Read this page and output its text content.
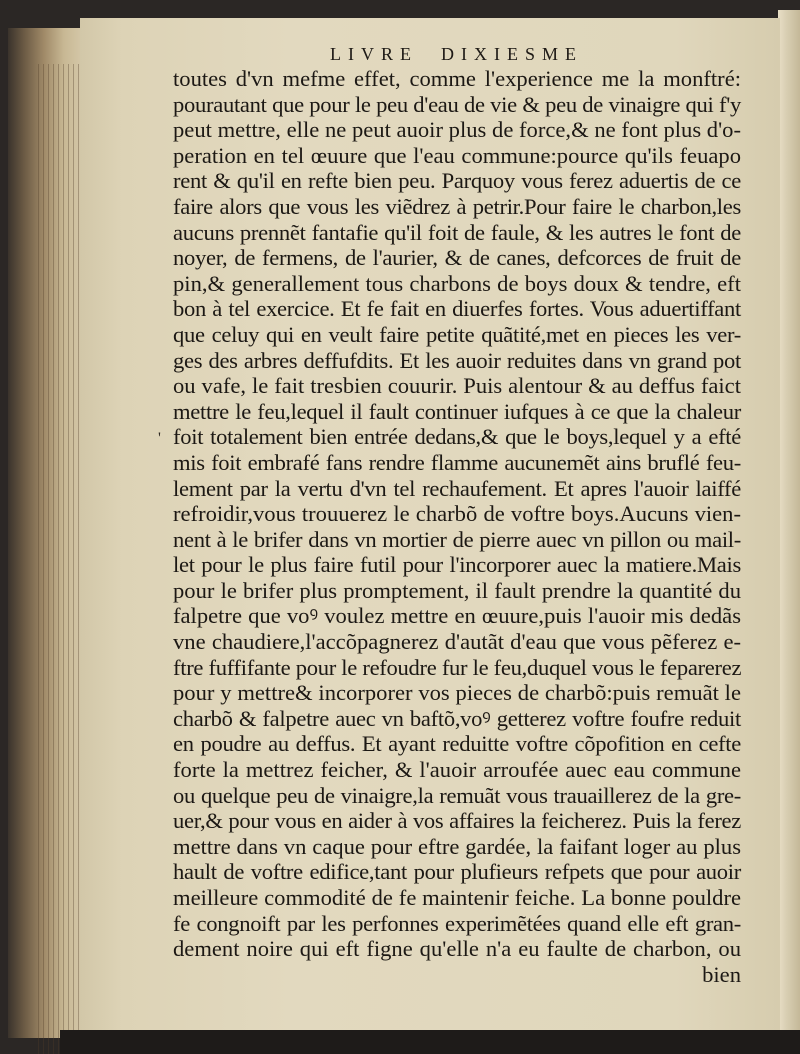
LIVRE  DIXIESME
'
toutes d'vn mefme effet, comme l'experience me la monftré:
pourautant que pour le peu d'eau de vie & peu de vinaigre qui f'y
peut mettre, elle ne peut auoir plus de force,& ne font plus d'o-
peration en tel œuure que l'eau commune:pource qu'ils feuapo
rent & qu'il en refte bien peu. Parquoy vous ferez aduertis de ce
faire alors que vous les viẽdrez à petrir.Pour faire le charbon,les
aucuns prennẽt fantafie qu'il foit de faule, & les autres le font de
noyer, de fermens, de l'aurier, & de canes, defcorces de fruit de
pin,& generallement tous charbons de boys doux & tendre, eft
bon à tel exercice. Et fe fait en diuerfes fortes. Vous aduertiffant
que celuy qui en veult faire petite quãtité,met en pieces les ver-
ges des arbres deffufdits. Et les auoir reduites dans vn grand pot
ou vafe, le fait tresbien couurir. Puis alentour & au deffus faict
mettre le feu,lequel il fault continuer iufques à ce que la chaleur
foit totalement bien entrée dedans,& que le boys,lequel y a efté
mis foit embrafé fans rendre flamme aucunemẽt ains bruflé feu-
lement par la vertu d'vn tel rechaufement. Et apres l'auoir laiffé
refroidir,vous trouuerez le charbõ de voftre boys.Aucuns vien-
nent à le brifer dans vn mortier de pierre auec vn pillon ou mail-
let pour le plus faire futil pour l'incorporer auec la matiere.Mais
pour le brifer plus promptement, il fault prendre la quantité du
falpetre que voꝰ voulez mettre en œuure,puis l'auoir mis dedãs
vne chaudiere,l'accõpagnerez d'autãt d'eau que vous pẽferez e-
ftre fuffifante pour le refoudre fur le feu,duquel vous le feparerez
pour y mettre& incorporer vos pieces de charbõ:puis remuãt le
charbõ & falpetre auec vn baftõ,voꝰ getterez voftre foufre reduit
en poudre au deffus. Et ayant reduitte voftre cõpofition en cefte
forte la mettrez feicher, & l'auoir arroufée auec eau commune
ou quelque peu de vinaigre,la remuãt vous trauaillerez de la gre-
uer,& pour vous en aider à vos affaires la feicherez. Puis la ferez
mettre dans vn caque pour eftre gardée, la faifant loger au plus
hault de voftre edifice,tant pour plufieurs refpets que pour auoir
meilleure commodité de fe maintenir feiche. La bonne pouldre
fe congnoift par les perfonnes experimẽtées quand elle eft gran-
dement noire qui eft figne qu'elle n'a eu faulte de charbon, ou
bien
